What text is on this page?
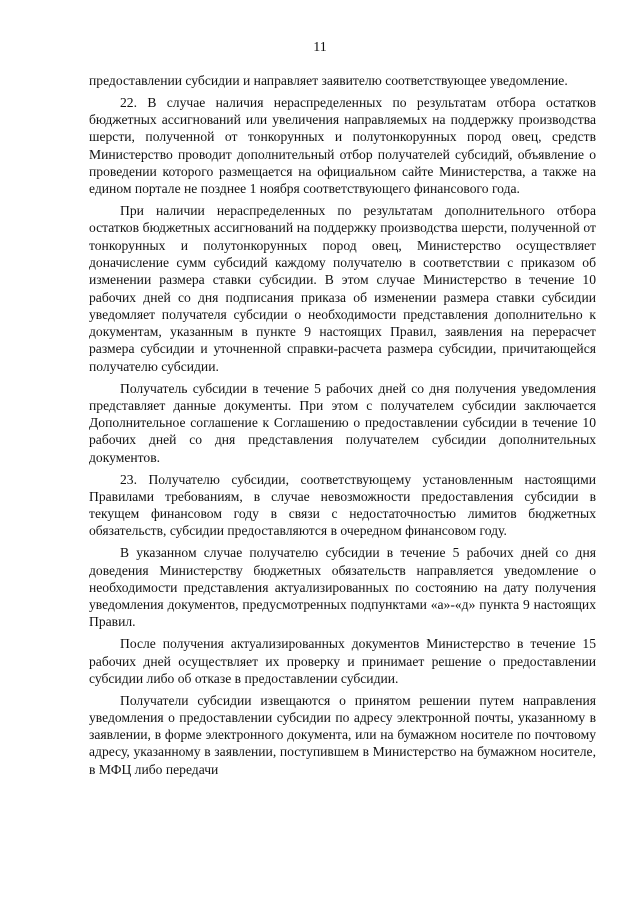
11

предоставлении субсидии и направляет заявителю соответствующее уведомление.

22. В случае наличия нераспределенных по результатам отбора остатков бюджетных ассигнований или увеличения направляемых на поддержку производства шерсти, полученной от тонкорунных и полутонкорунных пород овец, средств Министерство проводит дополнительный отбор получателей субсидий, объявление о проведении которого размещается на официальном сайте Министерства, а также на едином портале не позднее 1 ноября соответствующего финансового года.

При наличии нераспределенных по результатам дополнительного отбора остатков бюджетных ассигнований на поддержку производства шерсти, полученной от тонкорунных и полутонкорунных пород овец, Министерство осуществляет доначисление сумм субсидий каждому получателю в соответствии с приказом об изменении размера ставки субсидии. В этом случае Министерство в течение 10 рабочих дней со дня подписания приказа об изменении размера ставки субсидии уведомляет получателя субсидии о необходимости представления дополнительно к документам, указанным в пункте 9 настоящих Правил, заявления на перерасчет размера субсидии и уточненной справки-расчета размера субсидии, причитающейся получателю субсидии.

Получатель субсидии в течение 5 рабочих дней со дня получения уведомления представляет данные документы. При этом с получателем субсидии заключается Дополнительное соглашение к Соглашению о предоставлении субсидии в течение 10 рабочих дней со дня представления получателем субсидии дополнительных документов.

23. Получателю субсидии, соответствующему установленным настоящими Правилами требованиям, в случае невозможности предоставления субсидии в текущем финансовом году в связи с недостаточностью лимитов бюджетных обязательств, субсидии предоставляются в очередном финансовом году.

В указанном случае получателю субсидии в течение 5 рабочих дней со дня доведения Министерству бюджетных обязательств направляется уведомление о необходимости представления актуализированных по состоянию на дату получения уведомления документов, предусмотренных подпунктами «а»-«д» пункта 9 настоящих Правил.

После получения актуализированных документов Министерство в течение 15 рабочих дней осуществляет их проверку и принимает решение о предоставлении субсидии либо об отказе в предоставлении субсидии.

Получатели субсидии извещаются о принятом решении путем направления уведомления о предоставлении субсидии по адресу электронной почты, указанному в заявлении, в форме электронного документа, или на бумажном носителе по почтовому адресу, указанному в заявлении, поступившем в Министерство на бумажном носителе, в МФЦ либо передачи
